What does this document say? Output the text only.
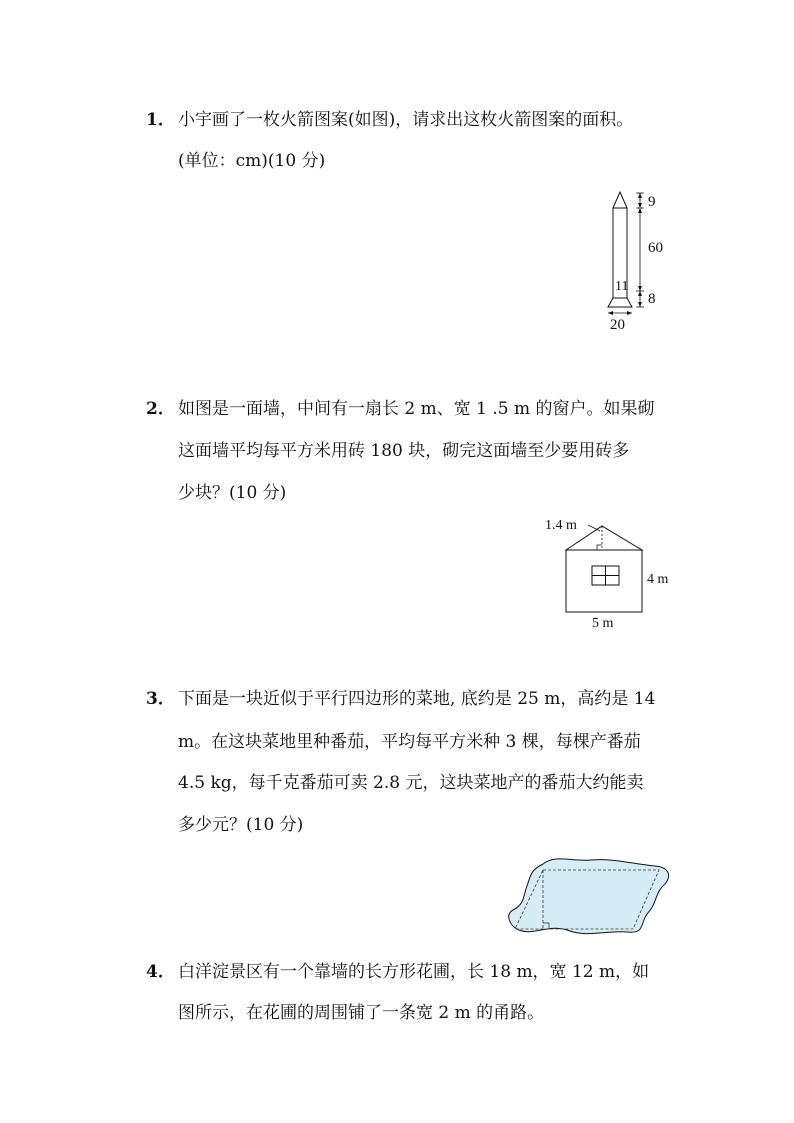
1． 小宇画了一枚火箭图案(如图)，请求出这枚火箭图案的面积。
(单位：cm)(10 分)
9
60
11
8
20
2． 如图是一面墙，中间有一扇长 2 m、宽 1 .5 m 的窗户。如果砌
这面墙平均每平方米用砖 180 块，砌完这面墙至少要用砖多
少块？(10 分)
1.4 m
4 m
5 m
3． 下面是一块近似于平行四边形的菜地, 底约是 25 m，高约是 14
m。在这块菜地里种番茄，平均每平方米种 3 棵，每棵产番茄
4.5 kg，每千克番茄可卖 2.8 元，这块菜地产的番茄大约能卖
多少元？(10 分)
4． 白洋淀景区有一个靠墙的长方形花圃，长 18 m，宽 12 m，如
图所示，在花圃的周围铺了一条宽 2 m 的甬路。
